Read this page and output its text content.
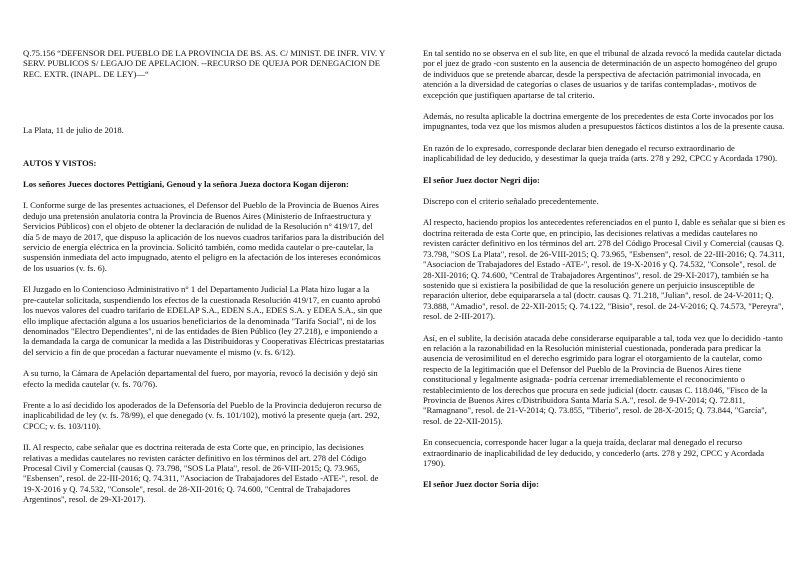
Q.75.156 “DEFENSOR DEL PUEBLO DE LA PROVINCIA DE BS. AS. C/ MINIST. DE INFR. VIV. Y SERV. PUBLICOS S/ LEGAJO DE APELACION. --RECURSO DE QUEJA POR DENEGACION DE REC. EXTR. (INAPL. DE LEY)—“

La Plata, 11 de julio de 2018.

AUTOS Y VISTOS:

Los señores Jueces doctores Pettigiani, Genoud y la señora Jueza doctora Kogan dijeron:

I. Conforme surge de las presentes actuaciones, el Defensor del Pueblo de la Provincia de Buenos Aires dedujo una pretensión anulatoria contra la Provincia de Buenos Aires (Ministerio de Infraestructura y Servicios Públicos) con el objeto de obtener la declaración de nulidad de la Resolución n° 419/17, del día 5 de mayo de 2017, que dispuso la aplicación de los nuevos cuadros tarifarios para la distribución del servicio de energía eléctrica en la provincia. Solicitó también, como medida cautelar o pre-cautelar, la suspensión inmediata del acto impugnado, atento el peligro en la afectación de los intereses económicos de los usuarios (v. fs. 6).

El Juzgado en lo Contencioso Administrativo n° 1 del Departamento Judicial La Plata hizo lugar a la pre-cautelar solicitada, suspendiendo los efectos de la cuestionada Resolución 419/17, en cuanto aprobó los nuevos valores del cuadro tarifario de EDELAP S.A., EDEN S.A., EDES S.A. y EDEA S.A., sin que ello implique afectación alguna a los usuarios beneficiarios de la denominada "Tarifa Social", ni de los denominados "Electro Dependientes", ni de las entidades de Bien Público (ley 27.218), e imponiendo a la demandada la carga de comunicar la medida a las Distribuidoras y Cooperativas Eléctricas prestatarias del servicio a fin de que procedan a facturar nuevamente el mismo (v. fs. 6/12).

A su turno, la Cámara de Apelación departamental del fuero, por mayoría, revocó la decisión y dejó sin efecto la medida cautelar (v. fs. 70/76).

Frente a lo así decidido los apoderados de la Defensoría del Pueblo de la Provincia dedujeron recurso de inaplicabilidad de ley (v. fs. 78/99), el que denegado (v. fs. 101/102), motivó la presente queja (art. 292, CPCC; v. fs. 103/110).

II. Al respecto, cabe señalar que es doctrina reiterada de esta Corte que, en principio, las decisiones relativas a medidas cautelares no revisten carácter definitivo en los términos del art. 278 del Código Procesal Civil y Comercial (causas Q. 73.798, "SOS La Plata", resol. de 26-VIII-2015; Q. 73.965, "Esbensen", resol. de 22-III-2016; Q. 74.311, "Asociacion de Trabajadores del Estado -ATE-", resol. de 19-X-2016 y Q. 74.532, "Console", resol. de 28-XII-2016; Q. 74.600, "Central de Trabajadores Argentinos", resol. de 29-XI-2017).

En tal sentido no se observa en el sub lite, en que el tribunal de alzada revocó la medida cautelar dictada por el juez de grado -con sustento en la ausencia de determinación de un aspecto homogéneo del grupo de individuos que se pretende abarcar, desde la perspectiva de afectación patrimonial invocada, en atención a la diversidad de categorías o clases de usuarios y de tarifas contempladas-, motivos de excepción que justifiquen apartarse de tal criterio.

Además, no resulta aplicable la doctrina emergente de los precedentes de esta Corte invocados por los impugnantes, toda vez que los mismos aluden a presupuestos fácticos distintos a los de la presente causa.

En razón de lo expresado, corresponde declarar bien denegado el recurso extraordinario de inaplicabilidad de ley deducido, y desestimar la queja traída (arts. 278 y 292, CPCC y Acordada 1790).

El señor Juez doctor Negri dijo:

Discrepo con el criterio señalado precedentemente.

Al respecto, haciendo propios los antecedentes referenciados en el punto I, dable es señalar que si bien es doctrina reiterada de esta Corte que, en principio, las decisiones relativas a medidas cautelares no revisten carácter definitivo en los términos del art. 278 del Código Procesal Civil y Comercial (causas Q. 73.798, "SOS La Plata", resol. de 26-VIII-2015; Q. 73.965, "Esbensen", resol. de 22-III-2016; Q. 74.311, "Asociacion de Trabajadores del Estado -ATE-", resol. de 19-X-2016 y Q. 74.532, "Console", resol. de 28-XII-2016; Q. 74.600, "Central de Trabajadores Argentinos", resol. de 29-XI-2017), también se ha sostenido que si existiera la posibilidad de que la resolución genere un perjuicio insusceptible de reparación ulterior, debe equipararsela a tal (doctr. causas Q. 71.218, "Julian", resol. de 24-V-2011; Q. 73.888, "Amadio", resol. de 22-XII-2015; Q. 74.122, "Bisio", resol. de 24-V-2016; Q. 74.573, "Pereyra", resol. de 2-III-2017).

Así, en el sublite, la decisión atacada debe considerarse equiparable a tal, toda vez que lo decidido -tanto en relación a la razonabilidad en la Resolución ministerial cuestionada, ponderada para predicar la ausencia de verosimilitud en el derecho esgrimido para lograr el otorgamiento de la cautelar, como respecto de la legitimación que el Defensor del Pueblo de la Provincia de Buenos Aires tiene constitucional y legalmente asignada- podría cercenar irremediablemente el reconocimiento o restablecimiento de los derechos que procura en sede judicial (doctr. causas C. 118.046, "Fisco de la Provincia de Buenos Aires c/Distribuidora Santa María S.A.", resol. de 9-IV-2014; Q. 72.811, "Ramagnano", resol. de 21-V-2014; Q. 73.855, "Tiberio", resol. de 28-X-2015; Q. 73.844, "García", resol. de 22-XII-2015).

En consecuencia, corresponde hacer lugar a la queja traída, declarar mal denegado el recurso extraordinario de inaplicabilidad de ley deducido, y concederlo (arts. 278 y 292, CPCC y Acordada 1790).

El señor Juez doctor Soria dijo:
